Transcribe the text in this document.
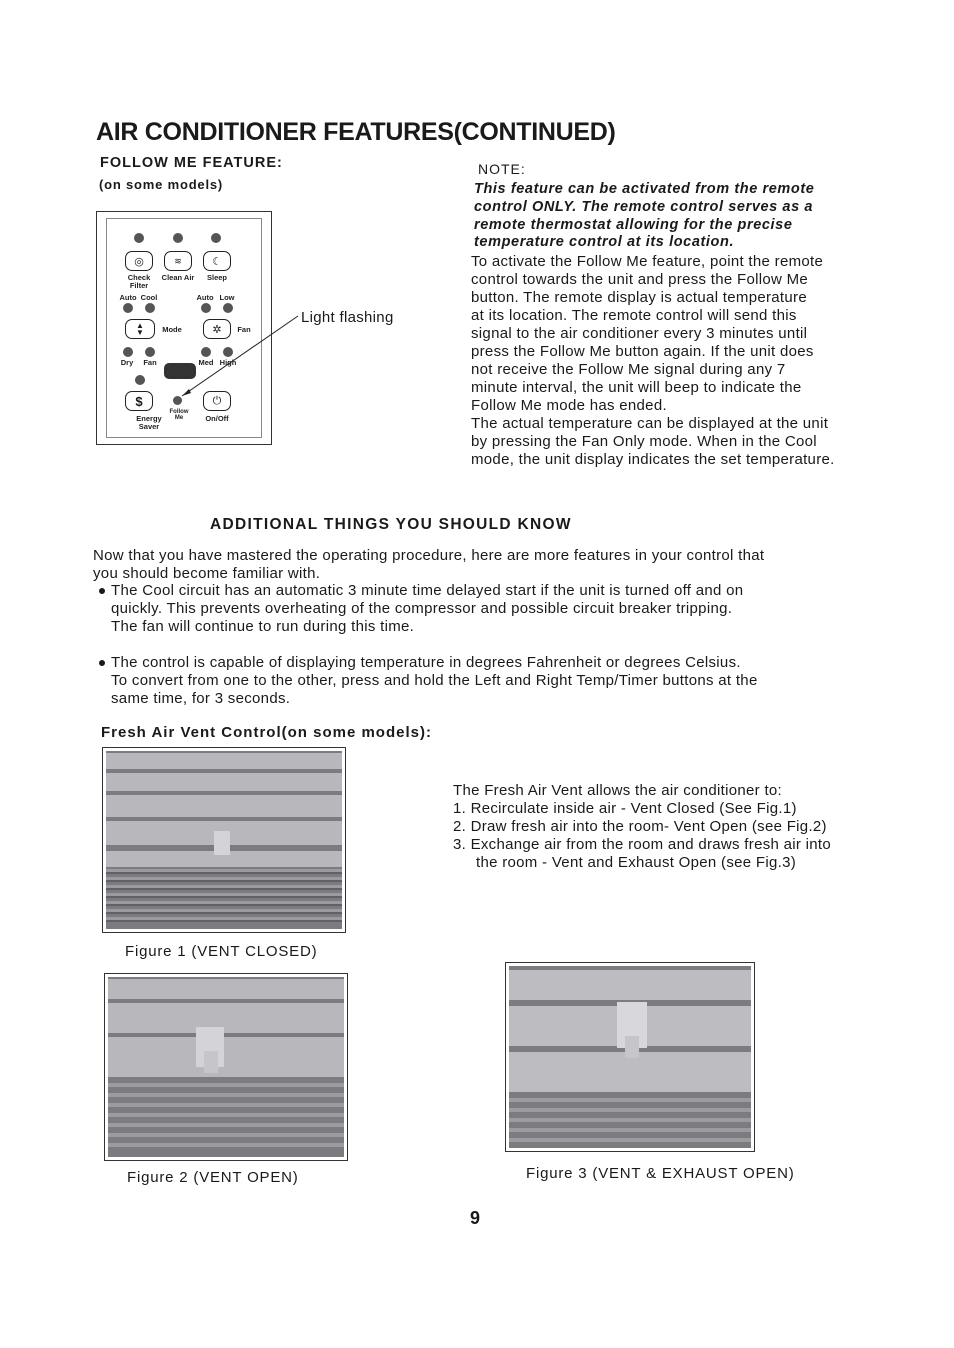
AIR CONDITIONER FEATURES(CONTINUED)
FOLLOW ME FEATURE:
(on some models)
◎	≋	☾
Check Filter
Clean Air	Sleep
Auto Cool	Auto Low
▲
▼	Mode	✲	Fan
Dry	Fan	Med High
$	⏻
Follow Me
Energy Saver
On/Off
Light flashing
NOTE:
This feature can be activated from the remote
control ONLY. The remote control serves as a
remote thermostat allowing for the precise
temperature control at its location.
To activate the Follow Me feature, point the remote
control towards the unit and press the Follow Me
button. The remote display is actual temperature
at its location. The remote control will send this
signal to the air conditioner every 3 minutes until
press the Follow Me button again. If the unit does
not receive the Follow Me signal during any 7
minute interval, the unit will beep to indicate the
Follow Me mode has ended.
The actual temperature can be displayed at the unit
by pressing the Fan Only mode. When in the Cool
mode, the unit display indicates the set temperature.
ADDITIONAL THINGS YOU SHOULD KNOW
Now that you have mastered the operating procedure, here are more features in your control that
you should become familiar with.
The Cool circuit has an automatic 3 minute time delayed start if the unit is turned off and on
quickly. This prevents overheating of the compressor and possible circuit breaker tripping.
The fan will continue to run during this time.
The control is capable of displaying temperature in degrees Fahrenheit or degrees Celsius.
To convert from one to the other, press and hold the Left and Right Temp/Timer buttons at the
same time, for 3 seconds.
Fresh Air Vent Control(on some models):
Figure 1 (VENT CLOSED)
The Fresh Air Vent allows the air conditioner to:
1. Recirculate inside air - Vent Closed (See Fig.1)
2. Draw fresh air into the room- Vent Open (see Fig.2)
3. Exchange air from the room and draws fresh air into
the room - Vent and Exhaust Open (see Fig.3)
Figure 2 (VENT OPEN)	Figure 3 (VENT & EXHAUST OPEN)
9
